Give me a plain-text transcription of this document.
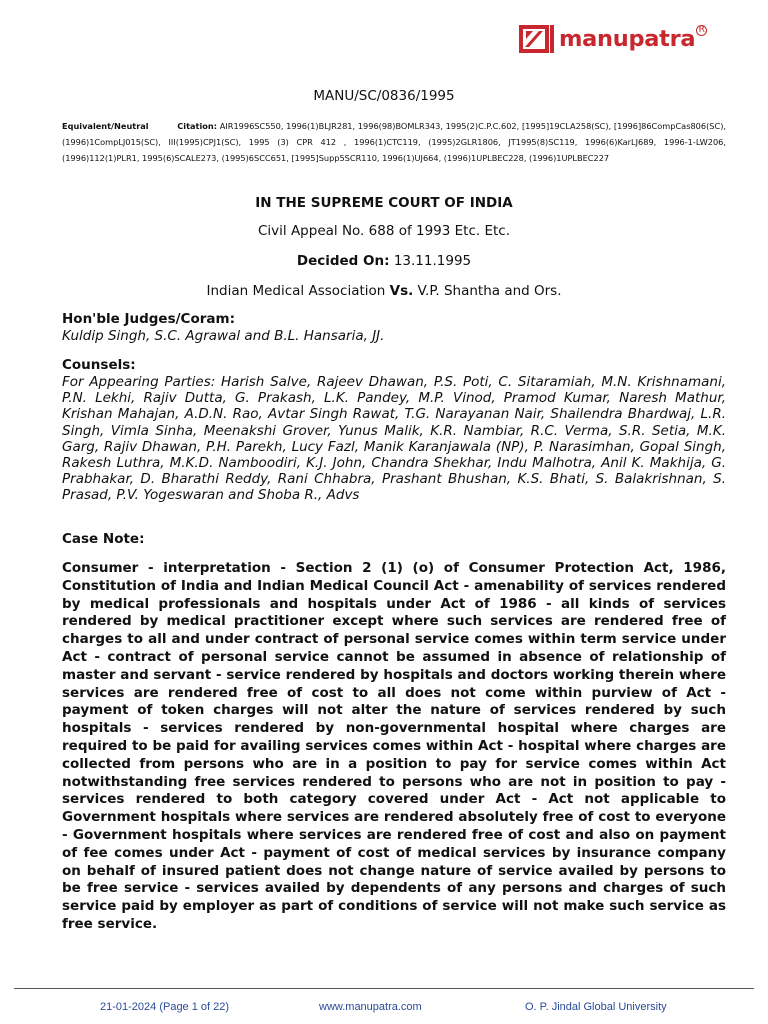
manupatra R
MANU/SC/0836/1995
Equivalent/Neutral	Citation: AIR1996SC550, 1996(1)BLJR281, 1996(98)BOMLR343, 1995(2)C.P.C.602, [1995]19CLA258(SC), [1996]86CompCas806(SC), (1996)1CompLJ015(SC), III(1995)CPJ1(SC), 1995 (3) CPR 412 , 1996(1)CTC119, (1995)2GLR1806, JT1995(8)SC119, 1996(6)KarLJ689, 1996-1-LW206, (1996)112(1)PLR1, 1995(6)SCALE273, (1995)6SCC651, [1995]Supp5SCR110, 1996(1)UJ664, (1996)1UPLBEC228, (1996)1UPLBEC227
IN THE SUPREME COURT OF INDIA
Civil Appeal No. 688 of 1993 Etc. Etc.
Decided On: 13.11.1995
Indian Medical Association Vs. V.P. Shantha and Ors.
Hon'ble Judges/Coram:
Kuldip Singh, S.C. Agrawal and B.L. Hansaria, JJ.
Counsels:
For Appearing Parties: Harish Salve, Rajeev Dhawan, P.S. Poti, C. Sitaramiah, M.N. Krishnamani, P.N. Lekhi, Rajiv Dutta, G. Prakash, L.K. Pandey, M.P. Vinod, Pramod Kumar, Naresh Mathur, Krishan Mahajan, A.D.N. Rao, Avtar Singh Rawat, T.G. Narayanan Nair, Shailendra Bhardwaj, L.R. Singh, Vimla Sinha, Meenakshi Grover, Yunus Malik, K.R. Nambiar, R.C. Verma, S.R. Setia, M.K. Garg, Rajiv Dhawan, P.H. Parekh, Lucy Fazl, Manik Karanjawala (NP), P. Narasimhan, Gopal Singh, Rakesh Luthra, M.K.D. Namboodiri, K.J. John, Chandra Shekhar, Indu Malhotra, Anil K. Makhija, G. Prabhakar, D. Bharathi Reddy, Rani Chhabra, Prashant Bhushan, K.S. Bhati, S. Balakrishnan, S. Prasad, P.V. Yogeswaran and Shoba R., Advs
Case Note:
Consumer - interpretation - Section 2 (1) (o) of Consumer Protection Act, 1986, Constitution of India and Indian Medical Council Act - amenability of services rendered by medical professionals and hospitals under Act of 1986 - all kinds of services rendered by medical practitioner except where such services are rendered free of charges to all and under contract of personal service comes within term service under Act - contract of personal service cannot be assumed in absence of relationship of master and servant - service rendered by hospitals and doctors working therein where services are rendered free of cost to all does not come within purview of Act - payment of token charges will not alter the nature of services rendered by such hospitals - services rendered by non-governmental hospital where charges are required to be paid for availing services comes within Act - hospital where charges are collected from persons who are in a position to pay for service comes within Act notwithstanding free services rendered to persons who are not in position to pay - services rendered to both category covered under Act - Act not applicable to Government hospitals where services are rendered absolutely free of cost to everyone - Government hospitals where services are rendered free of cost and also on payment of fee comes under Act - payment of cost of medical services by insurance company on behalf of insured patient does not change nature of service availed by persons to be free service - services availed by dependents of any persons and charges of such service paid by employer as part of conditions of service will not make such service as free service.
21-01-2024 (Page 1 of 22)	www.manupatra.com	O. P. Jindal Global University
